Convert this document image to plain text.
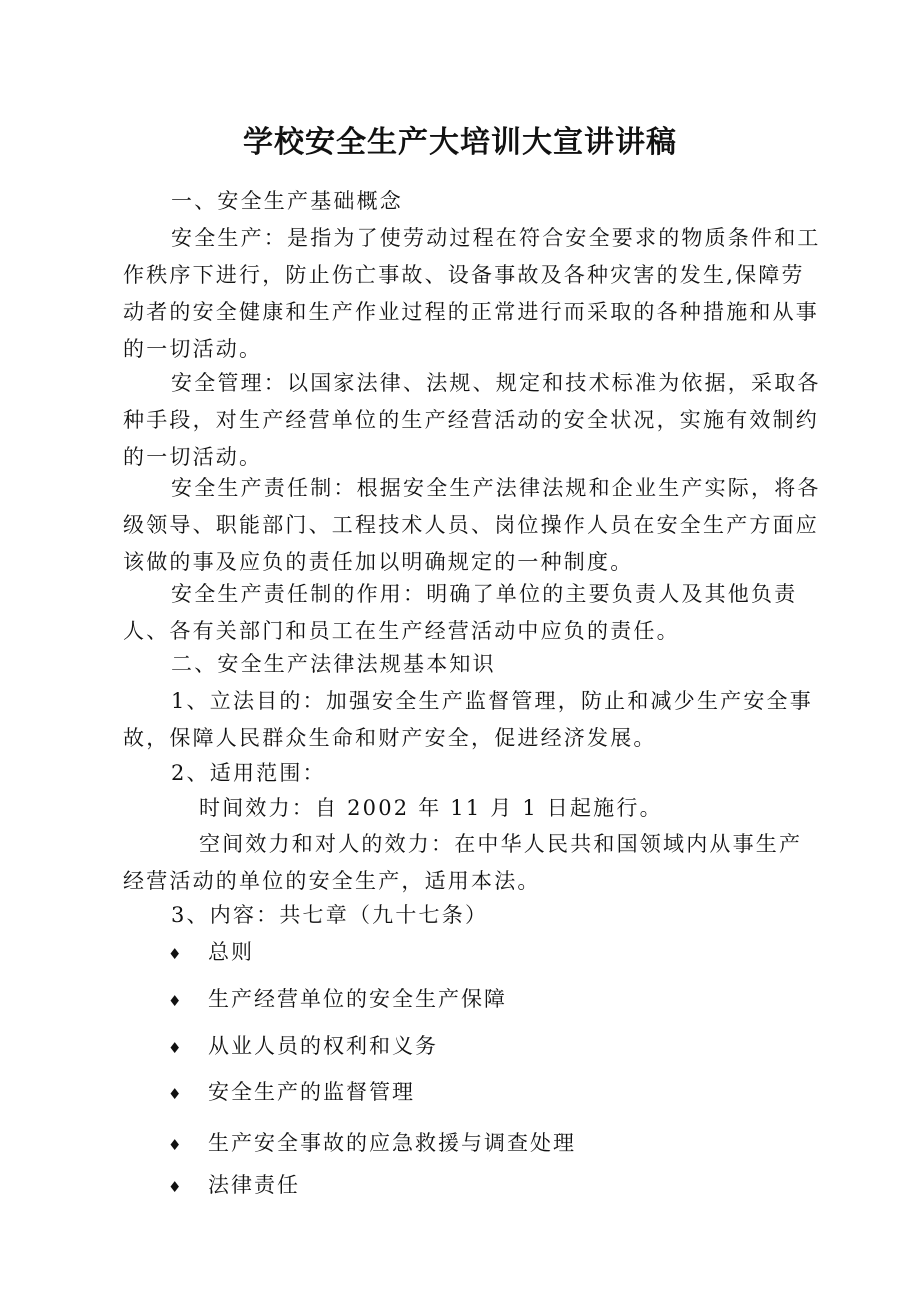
学校安全生产大培训大宣讲讲稿

一、安全生产基础概念

安全生产：是指为了使劳动过程在符合安全要求的物质条件和工作秩序下进行，防止伤亡事故、设备事故及各种灾害的发生,保障劳动者的安全健康和生产作业过程的正常进行而采取的各种措施和从事的一切活动。

安全管理：以国家法律、法规、规定和技术标准为依据，采取各种手段，对生产经营单位的生产经营活动的安全状况，实施有效制约的一切活动。

安全生产责任制：根据安全生产法律法规和企业生产实际，将各级领导、职能部门、工程技术人员、岗位操作人员在安全生产方面应该做的事及应负的责任加以明确规定的一种制度。

安全生产责任制的作用：明确了单位的主要负责人及其他负责人、各有关部门和员工在生产经营活动中应负的责任。

二、安全生产法律法规基本知识

1、立法目的：加强安全生产监督管理，防止和减少生产安全事故，保障人民群众生命和财产安全，促进经济发展。

2、适用范围：

时间效力：自 2002 年 11 月 1 日起施行。

空间效力和对人的效力：在中华人民共和国领域内从事生产经营活动的单位的安全生产，适用本法。

3、内容：共七章（九十七条）

♦ 总则
♦ 生产经营单位的安全生产保障
♦ 从业人员的权利和义务
♦ 安全生产的监督管理
♦ 生产安全事故的应急救援与调查处理
♦ 法律责任
